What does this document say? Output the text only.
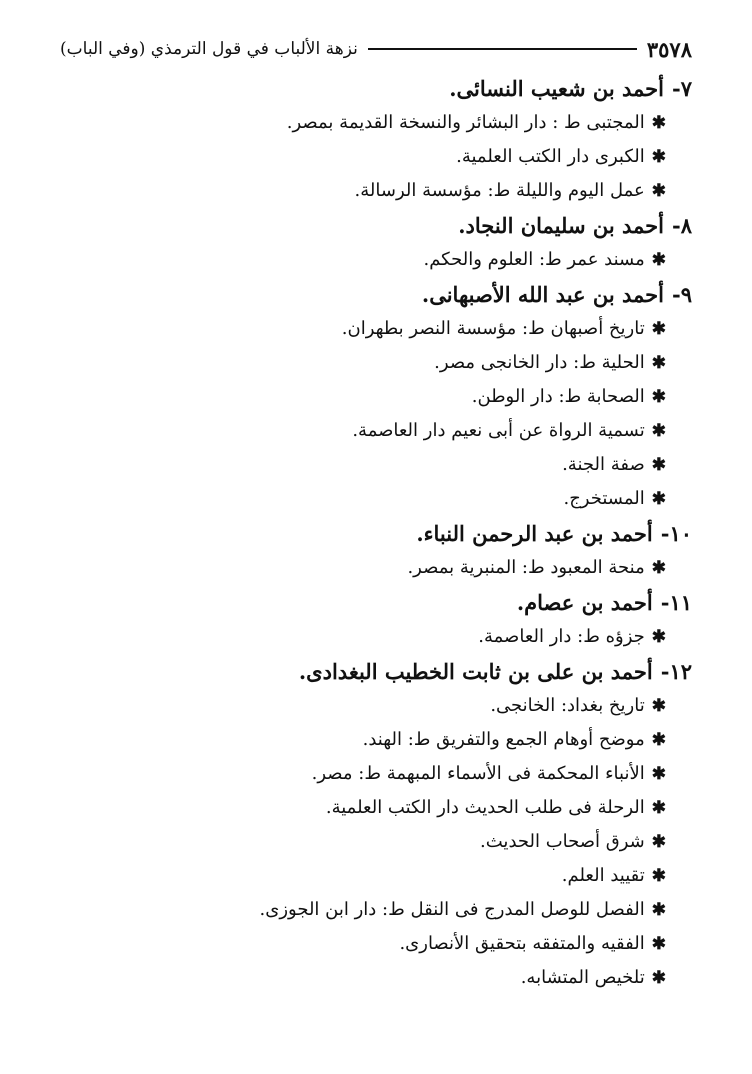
٣٥٧٨
نزهة الألباب في قول الترمذي (وفي الباب)
٧-أحمد بن شعيب النسائى.
✱المجتبى ط : دار البشائر والنسخة القديمة بمصر.
✱الكبرى دار الكتب العلمية.
✱عمل اليوم والليلة ط: مؤسسة الرسالة.
٨-أحمد بن سليمان النجاد.
✱مسند عمر ط: العلوم والحكم.
٩-أحمد بن عبد الله الأصبهانى.
✱تاريخ أصبهان ط: مؤسسة النصر بطهران.
✱الحلية ط: دار الخانجى مصر.
✱الصحابة ط: دار الوطن.
✱تسمية الرواة عن أبى نعيم دار العاصمة.
✱صفة الجنة.
✱المستخرج.
١٠-أحمد بن عبد الرحمن النباء.
✱منحة المعبود ط: المنبرية بمصر.
١١-أحمد بن عصام.
✱جزؤه ط: دار العاصمة.
١٢-أحمد بن على بن ثابت الخطيب البغدادى.
✱تاريخ بغداد: الخانجى.
✱موضح أوهام الجمع والتفريق ط: الهند.
✱الأنباء المحكمة فى الأسماء المبهمة ط: مصر.
✱الرحلة فى طلب الحديث دار الكتب العلمية.
✱شرق أصحاب الحديث.
✱تقييد العلم.
✱الفصل للوصل المدرج فى النقل ط: دار ابن الجوزى.
✱الفقيه والمتفقه بتحقيق الأنصارى.
✱تلخيص المتشابه.
